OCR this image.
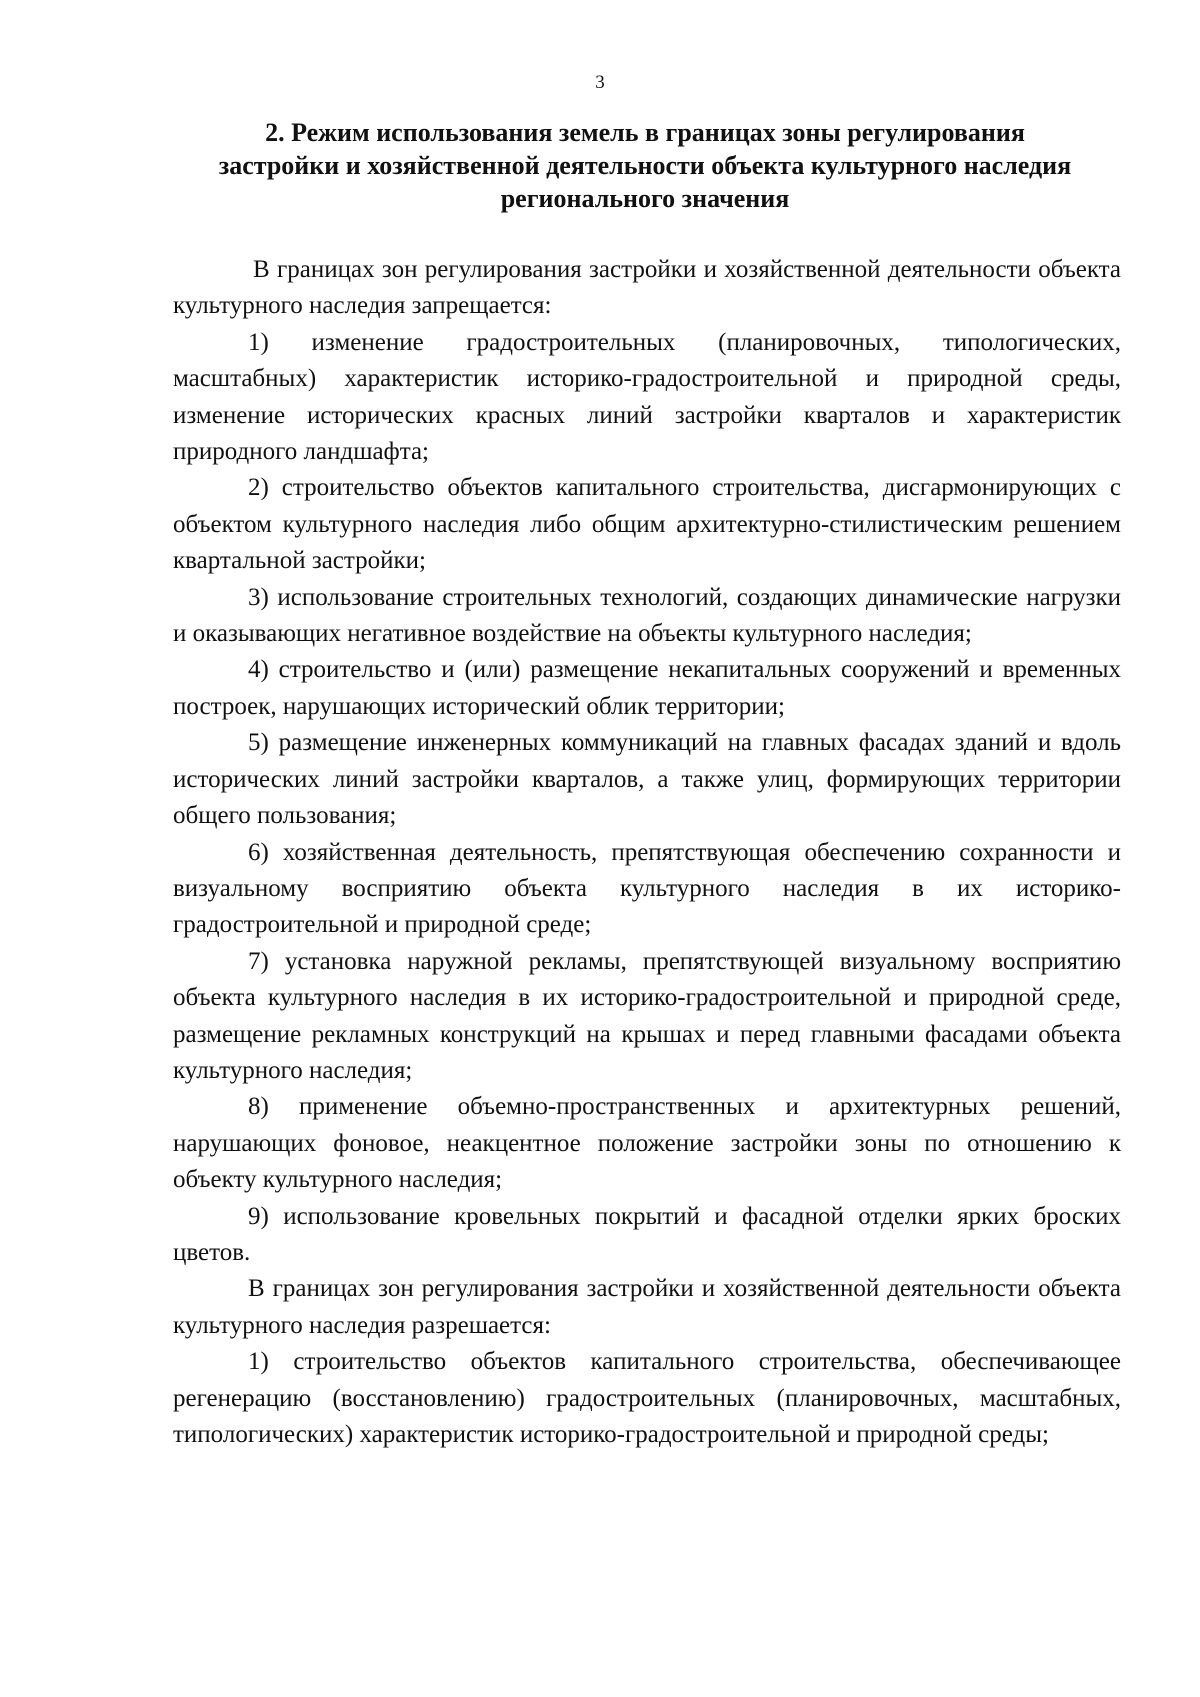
3
2. Режим использования земель в границах зоны регулирования
застройки и хозяйственной деятельности объекта культурного наследия
регионального значения

В границах зон регулирования застройки и хозяйственной деятельности объекта культурного наследия запрещается:

1) изменение градостроительных (планировочных, типологических, масштабных) характеристик историко-градостроительной и природной среды, изменение исторических красных линий застройки кварталов и характеристик природного ландшафта;

2) строительство объектов капитального строительства, дисгармонирующих с объектом культурного наследия либо общим архитектурно-стилистическим решением квартальной застройки;

3) использование строительных технологий, создающих динамические нагрузки и оказывающих негативное воздействие на объекты культурного наследия;

4) строительство и (или) размещение некапитальных сооружений и временных построек, нарушающих исторический облик территории;

5) размещение инженерных коммуникаций на главных фасадах зданий и вдоль исторических линий застройки кварталов, а также улиц, формирующих территории общего пользования;

6) хозяйственная деятельность, препятствующая обеспечению сохранности и визуальному восприятию объекта культурного наследия в их историко-градостроительной и природной среде;

7) установка наружной рекламы, препятствующей визуальному восприятию объекта культурного наследия в их историко-градостроительной и природной среде, размещение рекламных конструкций на крышах и перед главными фасадами объекта культурного наследия;

8) применение объемно-пространственных и архитектурных решений, нарушающих фоновое, неакцентное положение застройки зоны по отношению к объекту культурного наследия;

9) использование кровельных покрытий и фасадной отделки ярких броских цветов.

В границах зон регулирования застройки и хозяйственной деятельности объекта культурного наследия разрешается:

1) строительство объектов капитального строительства, обеспечивающее регенерацию (восстановлению) градостроительных (планировочных, масштабных, типологических) характеристик историко-градостроительной и природной среды;
